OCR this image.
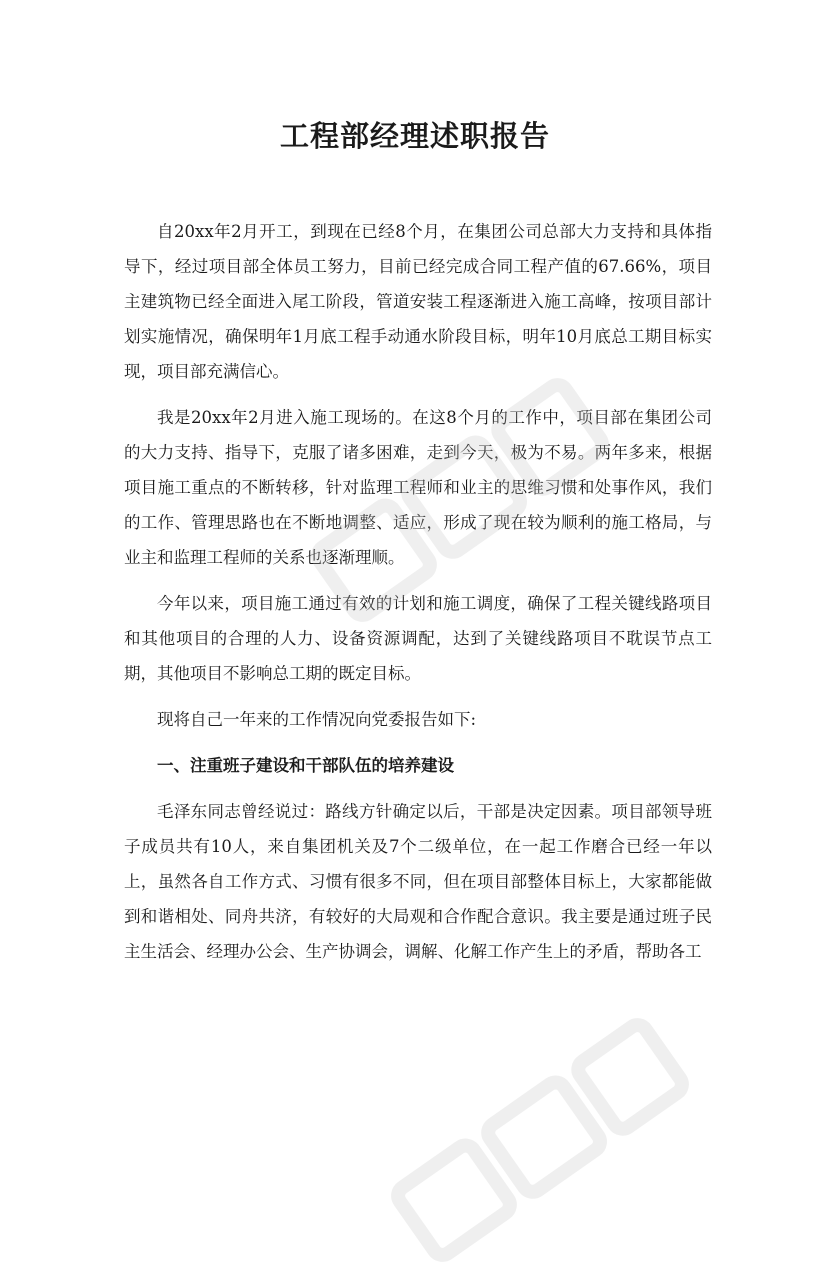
工程部经理述职报告

自20xx年2月开工，到现在已经8个月，在集团公司总部大力支持和具体指导下，经过项目部全体员工努力，目前已经完成合同工程产值的67.66%，项目主建筑物已经全面进入尾工阶段，管道安装工程逐渐进入施工高峰，按项目部计划实施情况，确保明年1月底工程手动通水阶段目标，明年10月底总工期目标实现，项目部充满信心。

我是20xx年2月进入施工现场的。在这8个月的工作中，项目部在集团公司的大力支持、指导下，克服了诸多困难，走到今天，极为不易。两年多来，根据项目施工重点的不断转移，针对监理工程师和业主的思维习惯和处事作风，我们的工作、管理思路也在不断地调整、适应，形成了现在较为顺利的施工格局，与业主和监理工程师的关系也逐渐理顺。

今年以来，项目施工通过有效的计划和施工调度，确保了工程关键线路项目和其他项目的合理的人力、设备资源调配，达到了关键线路项目不耽误节点工期，其他项目不影响总工期的既定目标。

现将自己一年来的工作情况向党委报告如下:

一、注重班子建设和干部队伍的培养建设

毛泽东同志曾经说过：路线方针确定以后，干部是决定因素。项目部领导班子成员共有10人，来自集团机关及7个二级单位，在一起工作磨合已经一年以上，虽然各自工作方式、习惯有很多不同，但在项目部整体目标上，大家都能做到和谐相处、同舟共济，有较好的大局观和合作配合意识。我主要是通过班子民主生活会、经理办公会、生产协调会，调解、化解工作产生上的矛盾，帮助各工
